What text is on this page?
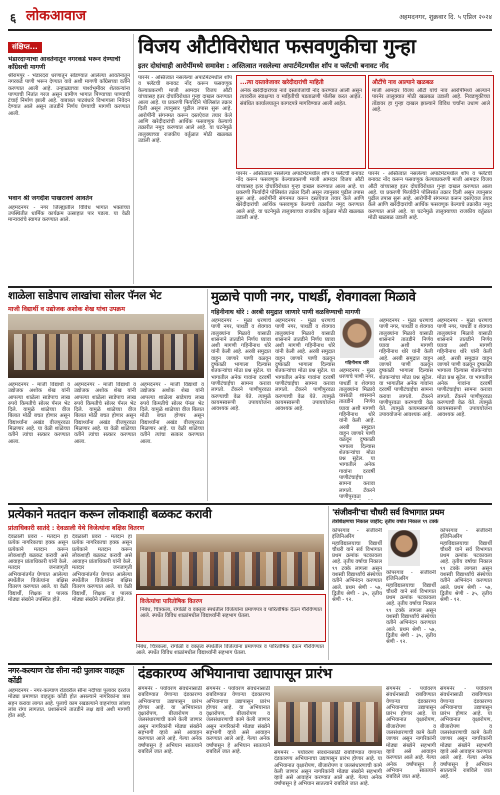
६ लोकआवाज	अहमदनगर, शुक्रवार दि. ५ एप्रिल २०२४
संक्षिप्त...
भंडारदाऱ्याचा आवर्तनातून नगरकडे भरून देण्याची काँग्रेसची मागणी
श्रीरामपूर - भंडारदरा धरणातून सोडण्यात आलेल्या आवर्तनातून नगरकडे पाणी भरून देण्यात यावे अशी मागणी काँग्रेसच्या वतीने करण्यात आली आहे. उन्हाळ्याच्या पार्श्वभूमीवर शेतकऱ्यांना पाण्याची नितांत गरज असून ग्रामीण भागात पिण्याच्या पाण्याची टंचाई निर्माण झाली आहे. याबाबत पाटबंधारे विभागाला निवेदन देण्यात आले असून तातडीने निर्णय घेण्याची मागणी करण्यात आली.
भवान श्री जगदीश पाखरावचे आवर्तन
अहमदनगर - नगर जिल्ह्यातील विविध भागात भक्तांच्या उपस्थितीत धार्मिक कार्यक्रम उत्साहात पार पडला. या वेळी मान्यवरांचे स्वागत करण्यात आले.
विजय औटीविरोधात फसवणुकीचा गुन्हा
इतर दोघांचाही आरोपींमध्ये समावेश : अस्तित्वात नसलेल्या अपार्टमेंटमधील शॉप व फ्लॅटची बनावट नोंद
पारनेर - अस्तित्वात नसलेल्या अपार्टमेंटमधील शॉप व फ्लॅटची बनावट नोंद करून फसवणूक केल्याप्रकरणी माजी आमदार विजय औटी यांच्यासह इतर दोघांविरोधात गुन्हा दाखल करण्यात आला आहे. या प्रकरणी फिर्यादीने पोलिसांत तक्रार दिली असून त्यानुसार पुढील तपास सुरू आहे. आरोपींनी संगनमत करून दस्तऐवज तयार केले आणि खरेदीदारांची आर्थिक फसवणूक केल्याचे तक्रारीत नमूद करण्यात आले आहे. या घटनेमुळे तालुक्याच्या राजकीय वर्तुळात मोठी खळबळ उडाली आहे.
...त्या दस्तावेजावर खरेदीदारांची माहिती
अनेक खरेदीदारांच्या नावे दस्तावेजांची नोंद करण्यात आली असून त्यावरील स्वाक्षऱ्या व माहितीची पडताळणी पोलीस करत आहेत. संबंधित कार्यालयातून कागदपत्रे मागविण्यात आली आहेत.
औटींचे नाव आल्याने खळबळ
माजी आमदार विजय औटी यांचे नाव आरोपींमध्ये आल्याने पारनेर तालुक्यात मोठी खळबळ उडाली आहे. निवडणुकीच्या तोंडावर हा गुन्हा दाखल झाल्याने विविध चर्चांना उधाण आले आहे.
पारनेर - अस्तित्वात नसलेल्या अपार्टमेंटमधील शॉप व फ्लॅटची बनावट नोंद करून फसवणूक केल्याप्रकरणी माजी आमदार विजय औटी यांच्यासह इतर दोघांविरोधात गुन्हा दाखल करण्यात आला आहे. या प्रकरणी फिर्यादीने पोलिसांत तक्रार दिली असून त्यानुसार पुढील तपास सुरू आहे. आरोपींनी संगनमत करून दस्तऐवज तयार केले आणि खरेदीदारांची आर्थिक फसवणूक केल्याचे तक्रारीत नमूद करण्यात आले आहे. या घटनेमुळे तालुक्याच्या राजकीय वर्तुळात मोठी खळबळ उडाली आहे.
पारनेर - अस्तित्वात नसलेल्या अपार्टमेंटमधील शॉप व फ्लॅटची बनावट नोंद करून फसवणूक केल्याप्रकरणी माजी आमदार विजय औटी यांच्यासह इतर दोघांविरोधात गुन्हा दाखल करण्यात आला आहे. या प्रकरणी फिर्यादीने पोलिसांत तक्रार दिली असून त्यानुसार पुढील तपास सुरू आहे. आरोपींनी संगनमत करून दस्तऐवज तयार केले आणि खरेदीदारांची आर्थिक फसवणूक केल्याचे तक्रारीत नमूद करण्यात आले आहे. या घटनेमुळे तालुक्याच्या राजकीय वर्तुळात मोठी खळबळ उडाली आहे.
शाळेला साडेपाच लाखांचा सोलर पॅनल भेट
माजी विद्यार्थी व उद्योजक अशोक शेख यांचा उपक्रम
अहमदनगर - माजी विद्यार्थी व उद्योजक अशोक शेख यांनी आपल्या शाळेला साडेपाच लाख रुपये किमतीचे सोलर पॅनल भेट दिले. यामुळे शाळेच्या वीज बिलात मोठी बचत होणार असून विद्यार्थ्यांना अखंड वीजपुरवठा मिळणार आहे. या वेळी शाळेच्या वतीने त्यांचा सत्कार करण्यात आला.
अहमदनगर - माजी विद्यार्थी व उद्योजक अशोक शेख यांनी आपल्या शाळेला साडेपाच लाख रुपये किमतीचे सोलर पॅनल भेट दिले. यामुळे शाळेच्या वीज बिलात मोठी बचत होणार असून विद्यार्थ्यांना अखंड वीजपुरवठा मिळणार आहे. या वेळी शाळेच्या वतीने त्यांचा सत्कार करण्यात आला.
अहमदनगर - माजी विद्यार्थी व उद्योजक अशोक शेख यांनी आपल्या शाळेला साडेपाच लाख रुपये किमतीचे सोलर पॅनल भेट दिले. यामुळे शाळेच्या वीज बिलात मोठी बचत होणार असून विद्यार्थ्यांना अखंड वीजपुरवठा मिळणार आहे. या वेळी शाळेच्या वतीने त्यांचा सत्कार करण्यात आला.
मुळाचे पाणी नगर, पाथर्डी, शेवगावला मिळावे
गहिनीनाथ थोरे : अरबी समुद्रात जाणारे पाणी वळविण्याची मागणी
अहमदनगर - मुळा धरणाचे पाणी नगर, पाथर्डी व शेवगाव तालुक्यांना मिळावे यासाठी शासनाने तातडीने निर्णय घ्यावा अशी मागणी गहिनीनाथ थोरे यांनी केली आहे. अरबी समुद्रात वाहून जाणारे पाणी वळवून दुष्काळी भागाला दिल्यास शेतकऱ्यांचा मोठा प्रश्न सुटेल. या भागातील अनेक गावांना दरवर्षी पाणीटंचाईचा सामना करावा लागतो. टँकरने पाणीपुरवठा करण्याची वेळ येते. त्यामुळे कायमस्वरूपी उपाययोजना आवश्यक आहे.
अहमदनगर - मुळा धरणाचे पाणी नगर, पाथर्डी व शेवगाव तालुक्यांना मिळावे यासाठी शासनाने तातडीने निर्णय घ्यावा अशी मागणी गहिनीनाथ थोरे यांनी केली आहे. अरबी समुद्रात वाहून जाणारे पाणी वळवून दुष्काळी भागाला दिल्यास शेतकऱ्यांचा मोठा प्रश्न सुटेल. या भागातील अनेक गावांना दरवर्षी पाणीटंचाईचा सामना करावा लागतो. टँकरने पाणीपुरवठा करण्याची वेळ येते. त्यामुळे कायमस्वरूपी उपाययोजना आवश्यक आहे.
गहिनीनाथ थोरे
अहमदनगर - मुळा धरणाचे पाणी नगर, पाथर्डी व शेवगाव तालुक्यांना मिळावे यासाठी शासनाने तातडीने निर्णय घ्यावा अशी मागणी गहिनीनाथ थोरे यांनी केली आहे. अरबी समुद्रात वाहून जाणारे पाणी वळवून दुष्काळी भागाला दिल्यास शेतकऱ्यांचा मोठा प्रश्न सुटेल. या भागातील अनेक गावांना दरवर्षी पाणीटंचाईचा सामना करावा लागतो. टँकरने पाणीपुरवठा
अहमदनगर - मुळा धरणाचे पाणी नगर, पाथर्डी व शेवगाव तालुक्यांना मिळावे यासाठी शासनाने तातडीने निर्णय घ्यावा अशी मागणी गहिनीनाथ थोरे यांनी केली आहे. अरबी समुद्रात वाहून जाणारे पाणी वळवून दुष्काळी भागाला दिल्यास शेतकऱ्यांचा मोठा प्रश्न सुटेल. या भागातील अनेक गावांना दरवर्षी पाणीटंचाईचा सामना करावा लागतो. टँकरने पाणीपुरवठा करण्याची वेळ येते. त्यामुळे कायमस्वरूपी उपाययोजना आवश्यक आहे.
अहमदनगर - मुळा धरणाचे पाणी नगर, पाथर्डी व शेवगाव तालुक्यांना मिळावे यासाठी शासनाने तातडीने निर्णय घ्यावा अशी मागणी गहिनीनाथ थोरे यांनी केली आहे. अरबी समुद्रात वाहून जाणारे पाणी वळवून दुष्काळी भागाला दिल्यास शेतकऱ्यांचा मोठा प्रश्न सुटेल. या भागातील अनेक गावांना दरवर्षी पाणीटंचाईचा सामना करावा लागतो. टँकरने पाणीपुरवठा करण्याची वेळ येते. त्यामुळे कायमस्वरूपी उपाययोजना आवश्यक आहे.
प्रत्येकाने मतदान करून लोकशाही बळकट करावी
प्रांताधिकारी सातंदे : देवळाली येथे विजेत्यांना बक्षिस वितरण
देवळाली प्रवरा - मतदान हा प्रत्येक नागरिकाचा हक्क असून प्रत्येकाने मतदान करून लोकशाही बळकट करावी असे आवाहन प्रांताधिकारी यांनी केले. मतदार जनजागृती अभियानांतर्गत घेण्यात आलेल्या स्पर्धेतील विजेत्यांना बक्षिस वितरण करण्यात आले. या वेळी विद्यार्थी, शिक्षक व पालक मोठ्या संख्येने उपस्थित होते.
देवळाली प्रवरा - मतदान हा प्रत्येक नागरिकाचा हक्क असून प्रत्येकाने मतदान करून लोकशाही बळकट करावी असे आवाहन प्रांताधिकारी यांनी केले. मतदार जनजागृती अभियानांतर्गत घेण्यात आलेल्या स्पर्धेतील विजेत्यांना बक्षिस वितरण करण्यात आले. या वेळी विद्यार्थी, शिक्षक व पालक मोठ्या संख्येने उपस्थित होते.	विजेत्यांचा पारितोषिक वितरण
निबंध, चित्रकला, रांगोळी व वक्तृत्व स्पर्धेतील विजेत्यांना प्रमाणपत्र व पारितोषिक देऊन गौरविण्यात आले. स्पर्धेत विविध शाळांमधील विद्यार्थ्यांनी सहभाग घेतला.
निबंध, चित्रकला, रांगोळी व वक्तृत्व स्पर्धेतील विजेत्यांना प्रमाणपत्र व पारितोषिक देऊन गौरविण्यात आले. स्पर्धेत विविध शाळांमधील विद्यार्थ्यांनी सहभाग घेतला.
'संजीवनी'चा चौधरी सर्व विभागात प्रथम
तंत्रशिक्षणचा निकाल जाहीर; तृतीय वर्षात निकाल ९९ टक्के
कोपरगाव - संजीवनी इंजिनिअरिंग महाविद्यालयाचा विद्यार्थी चौधरी याने सर्व विभागात प्रथम क्रमांक पटकावला आहे. तृतीय वर्षाचा निकाल ९९ टक्के लागला असून यशस्वी विद्यार्थ्यांचे संस्थेच्या वतीने अभिनंदन करण्यात आले. प्रथम श्रेणी - ५७, द्वितीय श्रेणी - ३५, तृतीय श्रेणी - १२.
कोपरगाव - संजीवनी इंजिनिअरिंग महाविद्यालयाचा विद्यार्थी चौधरी याने सर्व विभागात प्रथम क्रमांक पटकावला आहे. तृतीय वर्षाचा निकाल ९९ टक्के लागला असून यशस्वी विद्यार्थ्यांचे संस्थेच्या वतीने अभिनंदन करण्यात आले. प्रथम श्रेणी - ५७, द्वितीय श्रेणी - ३५, तृतीय श्रेणी - १२.
कोपरगाव - संजीवनी इंजिनिअरिंग महाविद्यालयाचा विद्यार्थी चौधरी याने सर्व विभागात प्रथम क्रमांक पटकावला आहे. तृतीय वर्षाचा निकाल ९९ टक्के लागला असून यशस्वी विद्यार्थ्यांचे संस्थेच्या वतीने अभिनंदन करण्यात आले. प्रथम श्रेणी - ५७, द्वितीय श्रेणी - ३५, तृतीय श्रेणी - १२.
नगर-कल्याण रोड सीना नदी पुलावर वाहतूक कोंडी
अहमदनगर - नगर-कल्याण रोडवरील सीना नदीच्या पुलावर दररोज मोठ्या प्रमाणात वाहतूक कोंडी होत असल्याने नागरिकांना त्रास सहन करावा लागत आहे. पुलाचे काम रखडल्याने वाहनांच्या लांबच लांब रांगा लागतात. प्रशासनाने तातडीने लक्ष द्यावे अशी मागणी होत आहे.
दंडकारण्य अभियानाचा उद्यापासून प्रारंभ
संगमनेर - पर्यावरण संवर्धनासाठी राबविण्यात येणाऱ्या दंडकारण्य अभियानाचा उद्यापासून प्रारंभ होणार आहे. या अभियानात वृक्षारोपण, बीजारोपण व जलसंधारणाची कामे केली जाणार असून नागरिकांनी मोठ्या संख्येने सहभागी व्हावे असे आवाहन करण्यात आले आहे. गेल्या अनेक वर्षांपासून हे अभियान सातत्याने राबविले जात आहे.
संगमनेर - पर्यावरण संवर्धनासाठी राबविण्यात येणाऱ्या दंडकारण्य अभियानाचा उद्यापासून प्रारंभ होणार आहे. या अभियानात वृक्षारोपण, बीजारोपण व जलसंधारणाची कामे केली जाणार असून नागरिकांनी मोठ्या संख्येने सहभागी व्हावे असे आवाहन करण्यात आले आहे. गेल्या अनेक वर्षांपासून हे अभियान सातत्याने राबविले जात आहे.	संगमनेर - पर्यावरण संवर्धनासाठी राबविण्यात येणाऱ्या दंडकारण्य अभियानाचा उद्यापासून प्रारंभ होणार आहे. या अभियानात वृक्षारोपण, बीजारोपण व जलसंधारणाची कामे केली जाणार असून नागरिकांनी मोठ्या संख्येने सहभागी व्हावे असे आवाहन करण्यात आले आहे. गेल्या अनेक वर्षांपासून हे अभियान सातत्याने राबविले जात आहे.
संगमनेर - पर्यावरण संवर्धनासाठी राबविण्यात येणाऱ्या दंडकारण्य अभियानाचा उद्यापासून प्रारंभ होणार आहे. या अभियानात वृक्षारोपण, बीजारोपण व जलसंधारणाची कामे केली जाणार असून नागरिकांनी मोठ्या संख्येने सहभागी व्हावे असे आवाहन करण्यात आले आहे. गेल्या अनेक वर्षांपासून हे अभियान सातत्याने राबविले जात आहे.
संगमनेर - पर्यावरण संवर्धनासाठी राबविण्यात येणाऱ्या दंडकारण्य अभियानाचा उद्यापासून प्रारंभ होणार आहे. या अभियानात वृक्षारोपण, बीजारोपण व जलसंधारणाची कामे केली जाणार असून नागरिकांनी मोठ्या संख्येने सहभागी व्हावे असे आवाहन करण्यात आले आहे. गेल्या अनेक वर्षांपासून हे अभियान सातत्याने राबविले जात आहे.
